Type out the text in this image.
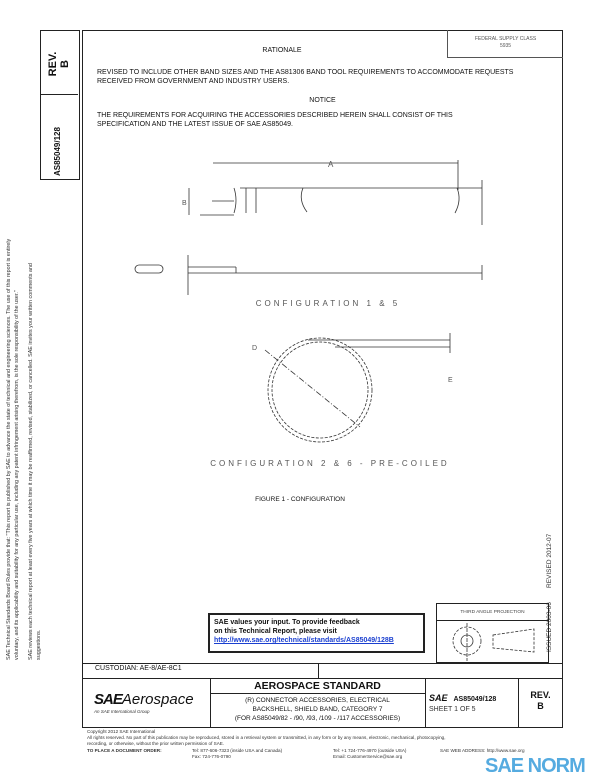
FEDERAL SUPPLY CLASS
5935
REV. B
AS85049/128
SAE Technical Standards Board Rules provide that: "This report is published by SAE to advance the state of technical and engineering sciences. The use of this report is entirely voluntary, and its applicability and suitability for any particular use, including any patent infringement arising therefrom, is the sole responsibility of the user." SAE reviews each technical report at least every five years at which time it may be reaffirmed, revised, stabilized, or cancelled. SAE invites your written comments and suggestions.
RATIONALE
REVISED TO INCLUDE OTHER BAND SIZES AND THE AS81306 BAND TOOL REQUIREMENTS TO ACCOMMODATE REQUESTS RECEIVED FROM GOVERNMENT AND INDUSTRY USERS.
NOTICE
THE REQUIREMENTS FOR ACQUIRING THE ACCESSORIES DESCRIBED HEREIN SHALL CONSIST OF THIS SPECIFICATION AND THE LATEST ISSUE OF SAE AS85049.
A
B
D
E
CONFIGURATION 1 & 5
CONFIGURATION 2 & 6 - PRE-COILED
FIGURE 1 - CONFIGURATION
ISSUED 2003-06
REVISED 2012-07
SAE values your input. To provide feedback
on this Technical Report, please visit
http://www.sae.org/technical/standards/AS85049/128B
THIRD ANGLE PROJECTION
CUSTODIAN: AE-8/AE-8C1
SAEAerospace
An SAE International Group
AEROSPACE STANDARD
(R) CONNECTOR ACCESSORIES, ELECTRICAL
BACKSHELL, SHIELD BAND, CATEGORY 7
(FOR AS85049/82 - /90, /93, /109 - /117 ACCESSORIES)
SAE AS85049/128
SHEET 1 OF 5
REV.
B
Copyright 2012 SAE International
All rights reserved. No part of this publication may be reproduced, stored in a retrieval system or transmitted, in any form or by any means, electronic, mechanical, photocopying,
recording, or otherwise, without the prior written permission of SAE.
TO PLACE A DOCUMENT ORDER:	Tel: 877-606-7323 (inside USA and Canada)
Fax: 724-776-0790
Tel: +1 724-776-4970 (outside USA)
Email: CustomerService@sae.org
SAE WEB ADDRESS: http://www.sae.org
SAE NORM
